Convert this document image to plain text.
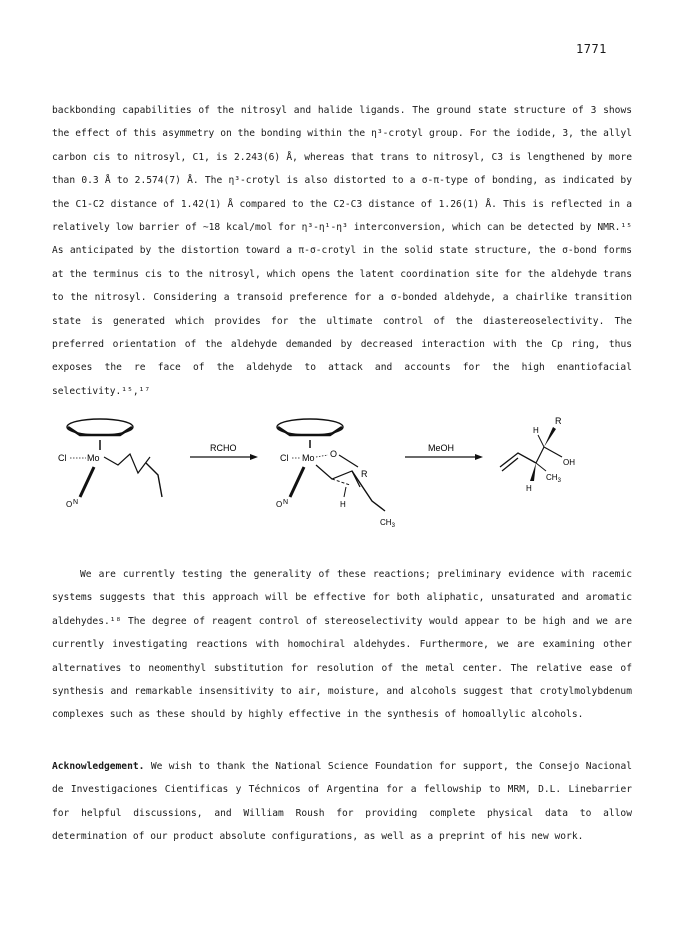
1771

backbonding capabilities of the nitrosyl and halide ligands. The ground state structure of 3 shows the effect of this asymmetry on the bonding within the η³-crotyl group. For the iodide, 3, the allyl carbon cis to nitrosyl, C1, is 2.243(6) Å, whereas that trans to nitrosyl, C3 is lengthened by more than 0.3 Å to 2.574(7) Å. The η³-crotyl is also distorted to a σ-π-type of bonding, as indicated by the C1-C2 distance of 1.42(1) Å compared to the C2-C3 distance of 1.26(1) Å. This is reflected in a relatively low barrier of ~18 kcal/mol for η³-η¹-η³ interconversion, which can be detected by NMR.¹⁵ As anticipated by the distortion toward a π-σ-crotyl in the solid state structure, the σ-bond forms at the terminus cis to the nitrosyl, which opens the latent coordination site for the aldehyde trans to the nitrosyl. Considering a transoid preference for a σ-bonded aldehyde, a chairlike transition state is generated which provides for the ultimate control of the diastereoselectivity. The preferred orientation of the aldehyde demanded by decreased interaction with the Cp ring, thus exposes the re face of the aldehyde to attack and accounts for the high enantiofacial selectivity.¹⁵,¹⁷

Cl Mo
O N
RCHO
Cl Mo O
R
H
$CH_3$
O N
MeOH
H
R
OH
H
$CH_3$

We are currently testing the generality of these reactions; preliminary evidence with racemic systems suggests that this approach will be effective for both aliphatic, unsaturated and aromatic aldehydes.¹⁸ The degree of reagent control of stereoselectivity would appear to be high and we are currently investigating reactions with homochiral aldehydes. Furthermore, we are examining other alternatives to neomenthyl substitution for resolution of the metal center. The relative ease of synthesis and remarkable insensitivity to air, moisture, and alcohols suggest that crotylmolybdenum complexes such as these should by highly effective in the synthesis of homoallylic alcohols.

Acknowledgement. We wish to thank the National Science Foundation for support, the Consejo Nacional de Investigaciones Cientificas y Téchnicos of Argentina for a fellowship to MRM, D.L. Linebarrier for helpful discussions, and William Roush for providing complete physical data to allow determination of our product absolute configurations, as well as a preprint of his new work.
